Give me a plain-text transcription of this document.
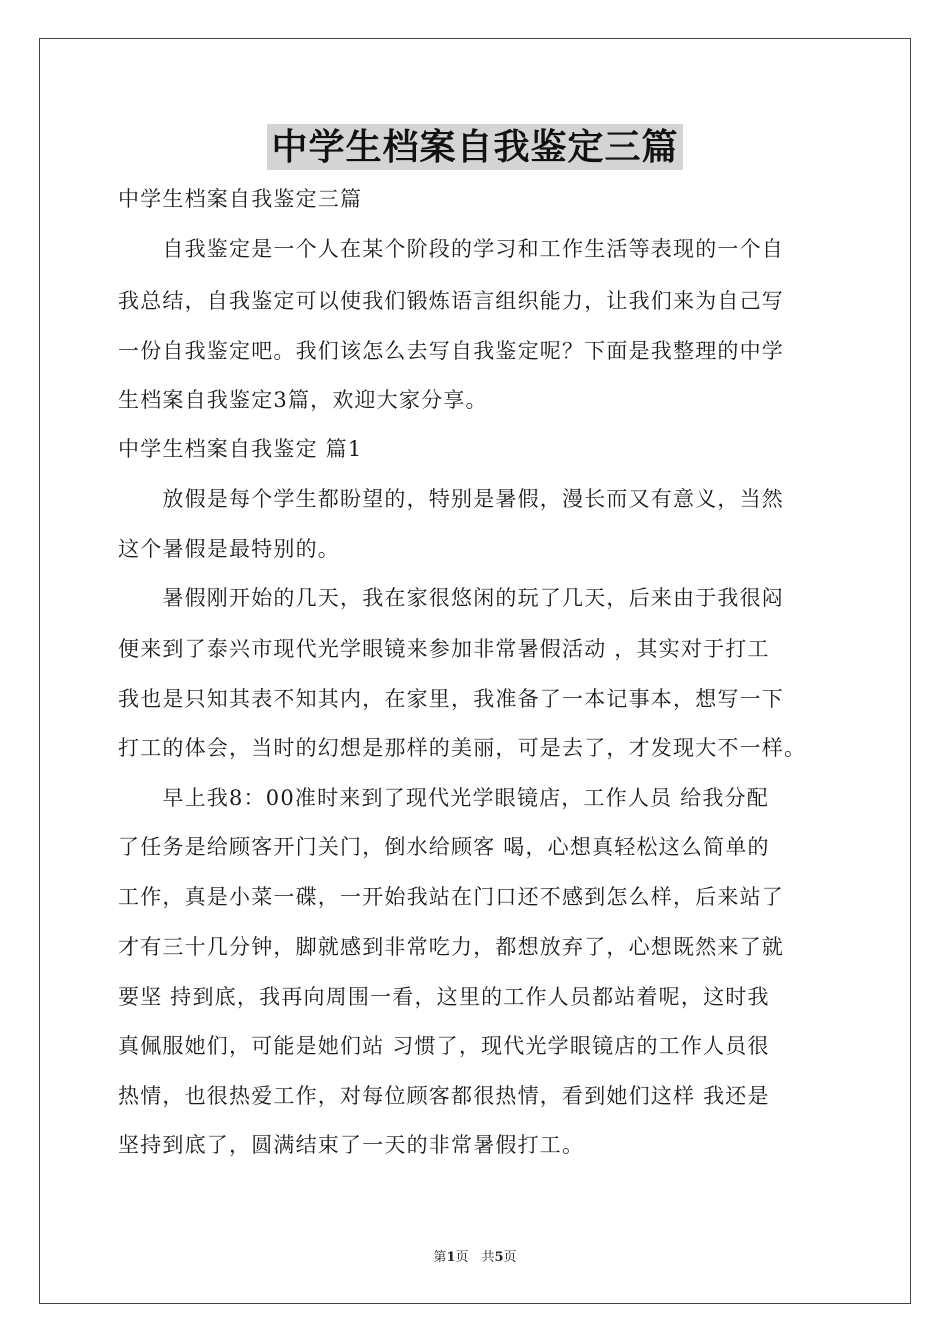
中学生档案自我鉴定三篇
中学生档案自我鉴定三篇
　　自我鉴定是一个人在某个阶段的学习和工作生活等表现的一个自
我总结，自我鉴定可以使我们锻炼语言组织能力，让我们来为自己写
一份自我鉴定吧。我们该怎么去写自我鉴定呢？下面是我整理的中学
生档案自我鉴定3篇，欢迎大家分享。
中学生档案自我鉴定 篇1
　　放假是每个学生都盼望的，特别是暑假，漫长而又有意义，当然
这个暑假是最特别的。
　　暑假刚开始的几天，我在家很悠闲的玩了几天，后来由于我很闷
便来到了泰兴市现代光学眼镜来参加非常暑假活动 ，其实对于打工
我也是只知其表不知其内，在家里，我准备了一本记事本，想写一下
打工的体会，当时的幻想是那样的美丽，可是去了，才发现大不一样。
　　早上我8：00准时来到了现代光学眼镜店，工作人员 给我分配
了任务是给顾客开门关门，倒水给顾客 喝，心想真轻松这么简单的
工作，真是小菜一碟，一开始我站在门口还不感到怎么样，后来站了
才有三十几分钟，脚就感到非常吃力，都想放弃了，心想既然来了就
要坚 持到底，我再向周围一看，这里的工作人员都站着呢，这时我
真佩服她们，可能是她们站 习惯了，现代光学眼镜店的工作人员很
热情，也很热爱工作，对每位顾客都很热情，看到她们这样 我还是
坚持到底了，圆满结束了一天的非常暑假打工。
第1页　共5页
